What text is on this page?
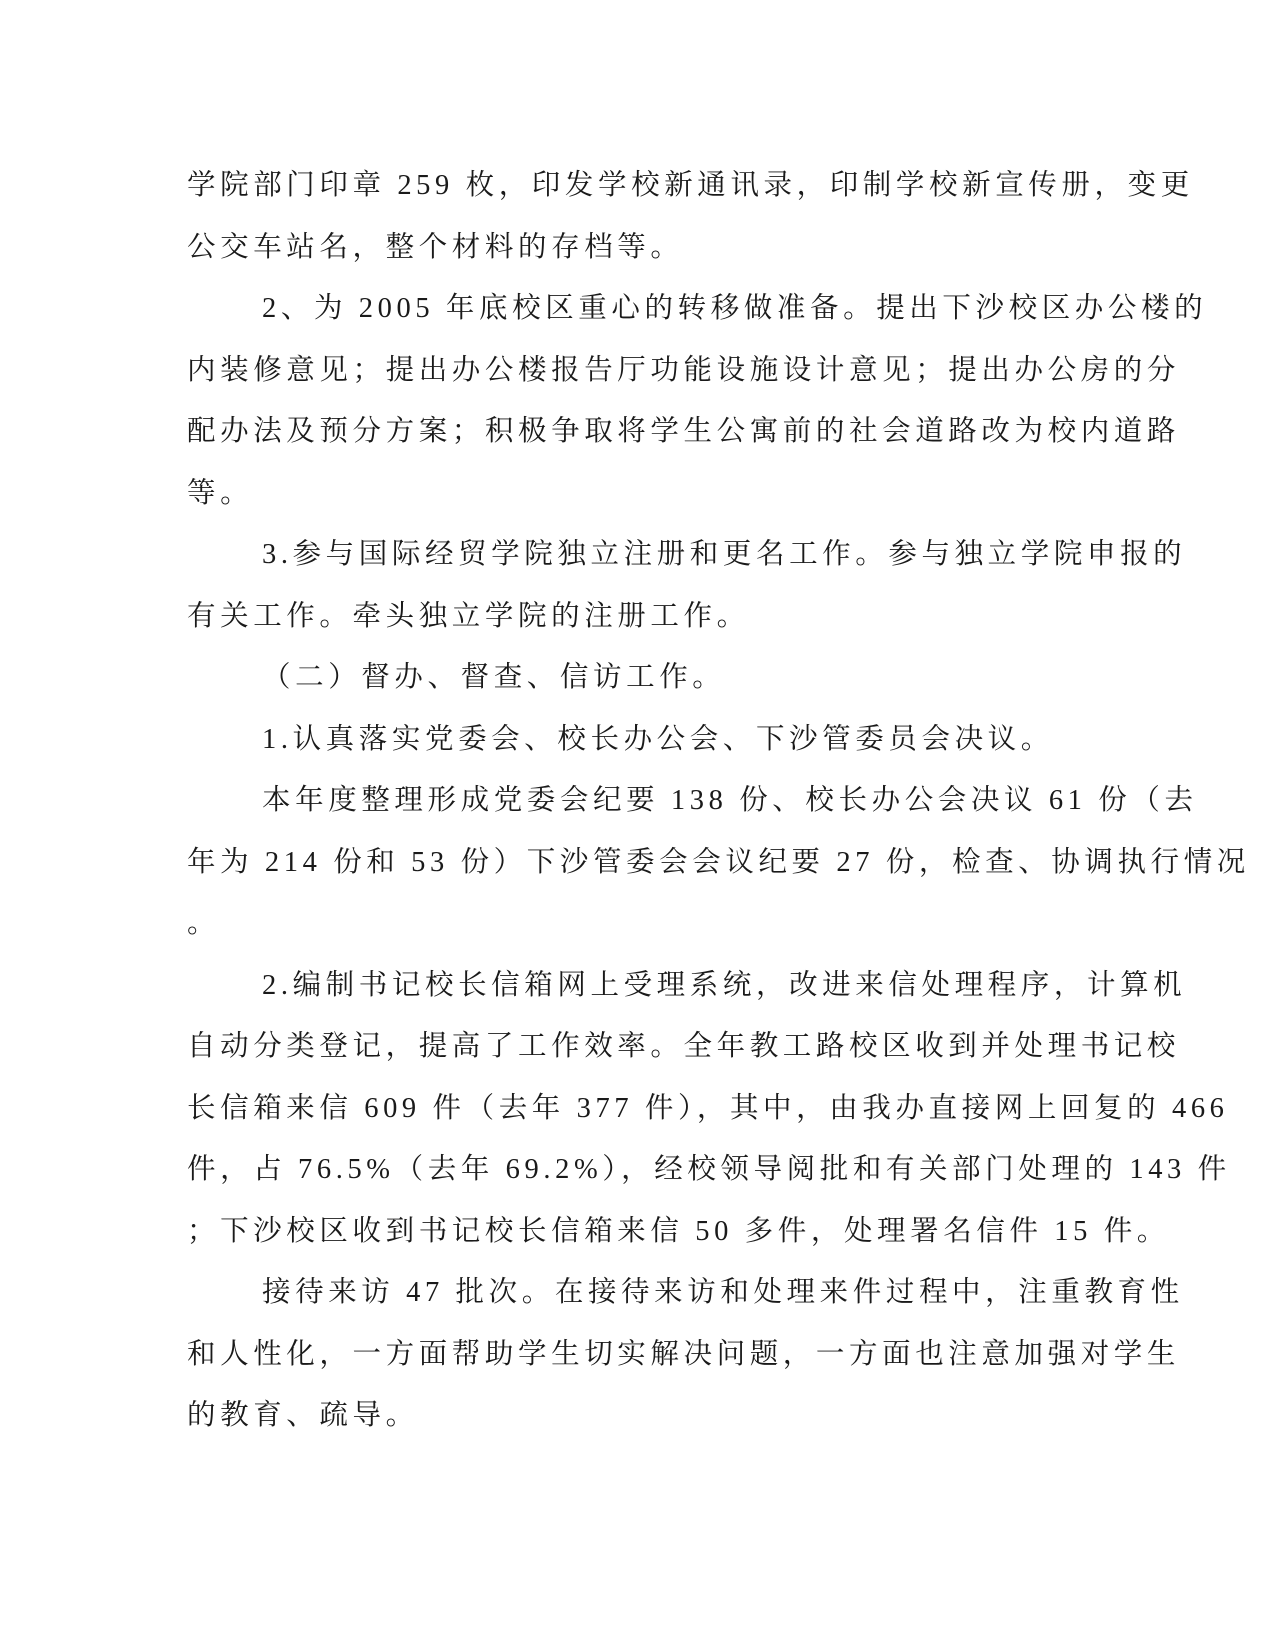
学院部门印章 259 枚，印发学校新通讯录，印制学校新宣传册，变更

公交车站名，整个材料的存档等。

2、为 2005 年底校区重心的转移做准备。提出下沙校区办公楼的

内装修意见；提出办公楼报告厅功能设施设计意见；提出办公房的分

配办法及预分方案；积极争取将学生公寓前的社会道路改为校内道路

等。

3.参与国际经贸学院独立注册和更名工作。参与独立学院申报的

有关工作。牵头独立学院的注册工作。

（二）督办、督查、信访工作。

1.认真落实党委会、校长办公会、下沙管委员会决议。

本年度整理形成党委会纪要 138 份、校长办公会决议 61 份（去

年为 214 份和 53 份）下沙管委会会议纪要 27 份，检查、协调执行情况

。

2.编制书记校长信箱网上受理系统，改进来信处理程序，计算机

自动分类登记，提高了工作效率。全年教工路校区收到并处理书记校

长信箱来信 609 件（去年 377 件），其中，由我办直接网上回复的 466

件，占 76.5%（去年 69.2%），经校领导阅批和有关部门处理的 143 件

；下沙校区收到书记校长信箱来信 50 多件，处理署名信件 15 件。

接待来访 47 批次。在接待来访和处理来件过程中，注重教育性

和人性化，一方面帮助学生切实解决问题，一方面也注意加强对学生

的教育、疏导。
